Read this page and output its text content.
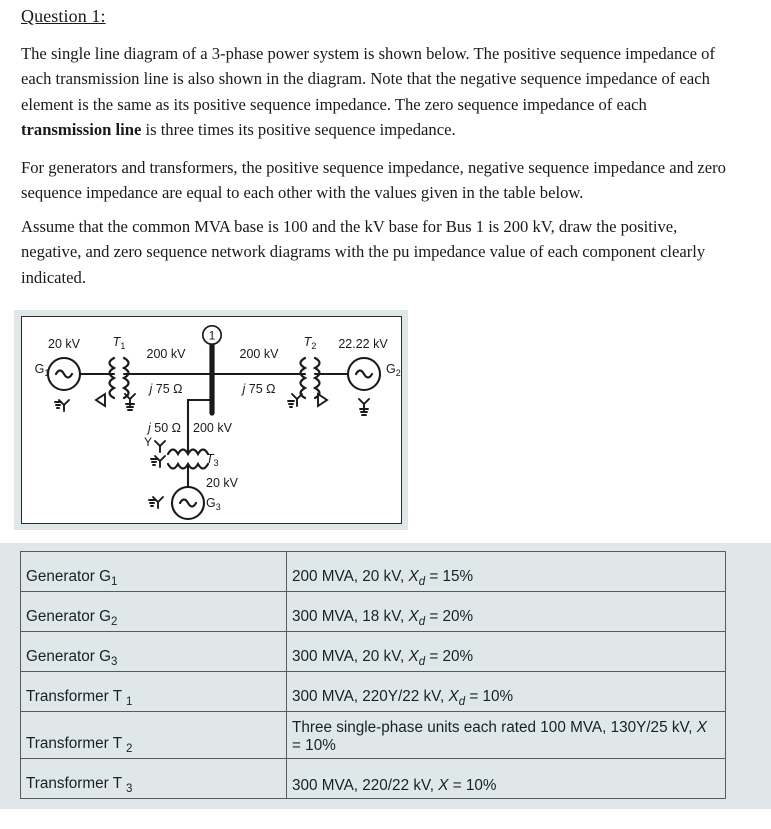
Question 1:
The single line diagram of a 3-phase power system is shown below. The positive sequence impedance of each transmission line is also shown in the diagram. Note that the negative sequence impedance of each element is the same as its positive sequence impedance. The zero sequence impedance of each transmission line is three times its positive sequence impedance.
For generators and transformers, the positive sequence impedance, negative sequence impedance and zero sequence impedance are equal to each other with the values given in the table below.
Assume that the common MVA base is 100 and the kV base for Bus 1 is 200 kV, draw the positive, negative, and zero sequence network diagrams with the pu impedance value of each component clearly indicated.
1
$G_1$
20 kV	$T_1$
200 kV
j 75 Ω
200 kV
j 75 Ω
$T_2$
$G_2$
22.22 kV
j 50 Ω 200 kV
$T_3$
$G_3$
20 kV
Y
Generator $G_1$	200 MVA, 20 kV, $X_d = 15\%$
Generator $G_2$	300 MVA, 18 kV, $X_d = 20\%$
Generator $G_3$	300 MVA, 20 kV, $X_d = 20\%$
Transformer T $_1$	300 MVA, 220Y/22 kV, $X_d = 10\%$
Transformer T $_2$	Three single-phase units each rated 100 MVA, 130Y/25 kV, X = 10%
Transformer T $_3$	300 MVA, 220/22 kV, X = 10%
